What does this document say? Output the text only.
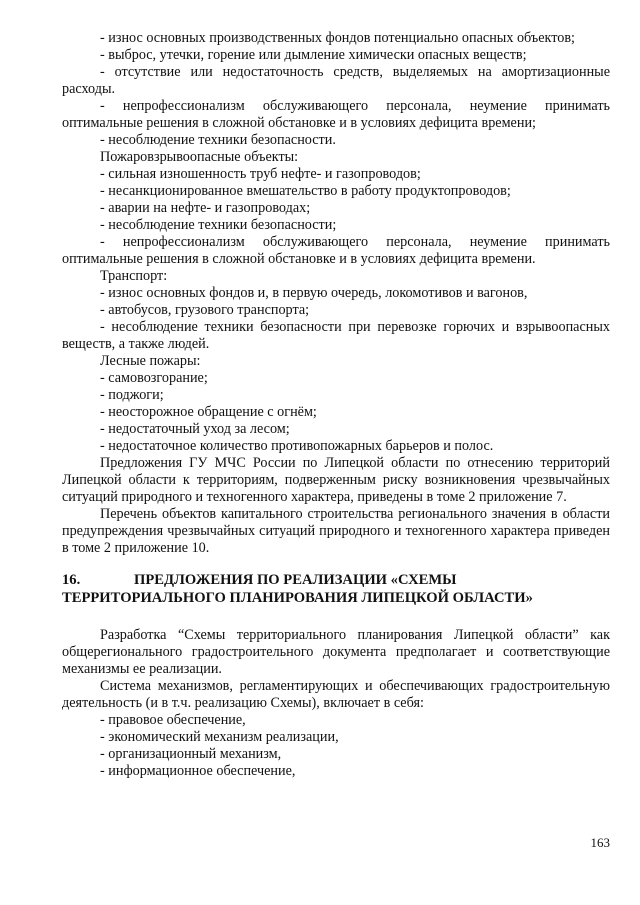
- износ основных производственных фондов потенциально опасных объектов;

- выброс, утечки, горение или дымление химически опасных веществ;

- отсутствие или недостаточность средств, выделяемых на амортизационные расходы.

- непрофессионализм обслуживающего персонала, неумение принимать оптимальные решения в сложной обстановке и в условиях дефицита времени;

- несоблюдение техники безопасности.

Пожаровзрывоопасные объекты:

- сильная изношенность труб нефте- и газопроводов;

- несанкционированное вмешательство в работу продуктопроводов;

- аварии на нефте- и газопроводах;

- несоблюдение техники безопасности;

- непрофессионализм обслуживающего персонала, неумение принимать оптимальные решения в сложной обстановке и в условиях дефицита времени.

Транспорт:

- износ основных фондов и, в первую очередь, локомотивов и вагонов,

- автобусов, грузового транспорта;

- несоблюдение техники безопасности при перевозке горючих и взрывоопасных веществ, а также людей.

Лесные пожары:

- самовозгорание;

- поджоги;

- неосторожное обращение с огнём;

- недостаточный уход за лесом;

- недостаточное количество противопожарных барьеров и полос.

Предложения ГУ МЧС России по Липецкой области по отнесению территорий Липецкой области к территориям, подверженным риску возникновения чрезвычайных ситуаций природного и техногенного характера, приведены в томе 2 приложение 7.

Перечень объектов капитального строительства регионального значения в области предупреждения чрезвычайных ситуаций природного и техногенного характера приведен в томе 2 приложение 10.

16.	ПРЕДЛОЖЕНИЯ ПО РЕАЛИЗАЦИИ «СХЕМЫ ТЕРРИТОРИАЛЬНОГО ПЛАНИРОВАНИЯ ЛИПЕЦКОЙ ОБЛАСТИ»

Разработка “Схемы территориального планирования Липецкой области” как общерегионального градостроительного документа предполагает и соответствующие механизмы ее реализации.

Система механизмов, регламентирующих и обеспечивающих градостроительную деятельность (и в т.ч. реализацию Схемы), включает в себя:

- правовое обеспечение,

- экономический механизм реализации,

- организационный механизм,

- информационное обеспечение,

163
